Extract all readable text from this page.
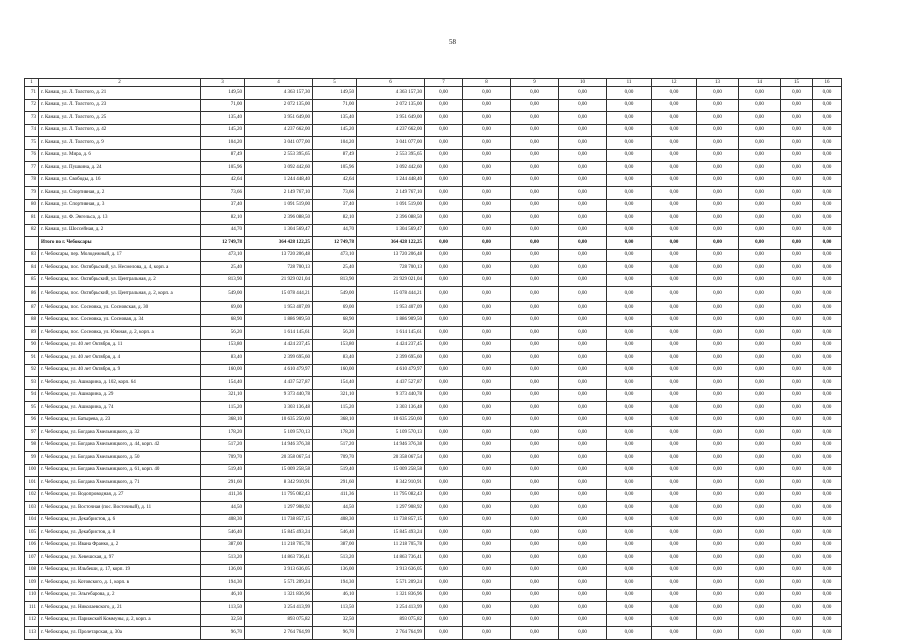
58
1	2	3	4	5	6	7	8	9	10	11	12	13	14	15	16
71	г. Канаш, ул. Л. Толстого, д. 21	149,50	4 363 157,30	149,50	4 363 157,30	0,00	0,00	0,00	0,00	0,00	0,00	0,00	0,00	0,00	0,00
72	г. Канаш, ул. Л. Толстого, д. 23	71,00	2 072 135,00	71,00	2 072 135,00	0,00	0,00	0,00	0,00	0,00	0,00	0,00	0,00	0,00	0,00
73	г. Канаш, ул. Л. Толстого, д. 25	135,40	3 951 649,00	135,40	3 951 649,00	0,00	0,00	0,00	0,00	0,00	0,00	0,00	0,00	0,00	0,00
74	г. Канаш, ул. Л. Толстого, д. 42	145,20	4 237 662,00	145,20	4 237 662,00	0,00	0,00	0,00	0,00	0,00	0,00	0,00	0,00	0,00	0,00
75	г. Канаш, ул. Л. Толстого, д. 9	104,20	3 041 077,00	104,20	3 041 077,00	0,00	0,00	0,00	0,00	0,00	0,00	0,00	0,00	0,00	0,00
76	г. Канаш, ул. Мира, д. 6	87,49	2 553 395,65	87,49	2 553 395,65	0,00	0,00	0,00	0,00	0,00	0,00	0,00	0,00	0,00	0,00
77	г. Канаш, ул. Пушкина, д. 24	105,96	3 092 442,60	105,96	3 092 442,60	0,00	0,00	0,00	0,00	0,00	0,00	0,00	0,00	0,00	0,00
78	г. Канаш, ул. Свободы, д. 16	42,64	1 244 448,40	42,64	1 244 448,40	0,00	0,00	0,00	0,00	0,00	0,00	0,00	0,00	0,00	0,00
79	г. Канаш, ул. Спортивная, д. 2	73,66	2 149 767,10	73,66	2 149 767,10	0,00	0,00	0,00	0,00	0,00	0,00	0,00	0,00	0,00	0,00
80	г. Канаш, ул. Спортивная, д. 3	37,40	1 091 519,00	37,40	1 091 519,00	0,00	0,00	0,00	0,00	0,00	0,00	0,00	0,00	0,00	0,00
81	г. Канаш, ул. Ф. Энгельса, д. 13	82,10	2 396 088,50	82,10	2 396 088,50	0,00	0,00	0,00	0,00	0,00	0,00	0,00	0,00	0,00	0,00
82	г. Канаш, ул. Шоссейная, д. 2	44,70	1 304 569,47	44,70	1 304 569,47	0,00	0,00	0,00	0,00	0,00	0,00	0,00	0,00	0,00	0,00
	Итого по г. Чебоксары	12 749,78	364 428 122,25	12 749,78	364 428 122,25	0,00	0,00	0,00	0,00	0,00	0,00	0,00	0,00	0,00	0,00
83	г. Чебоксары, пер. Молодежный, д. 17	473,10	13 720 206,48	473,10	13 720 206,48	0,00	0,00	0,00	0,00	0,00	0,00	0,00	0,00	0,00	0,00
84	г. Чебоксары, пос. Октябрьский, ул. Несмелова, д. 4, корп. а	25,40	728 700,13	25,40	728 700,13	0,00	0,00	0,00	0,00	0,00	0,00	0,00	0,00	0,00	0,00
85	г. Чебоксары, пос. Октябрьский, ул. Центральная, д. 2	813,90	21 929 021,04	813,90	21 929 021,04	0,00	0,00	0,00	0,00	0,00	0,00	0,00	0,00	0,00	0,00
86	г. Чебоксары, пос. Октябрьский, ул. Центральная, д. 2, корп. а	549,00	15 078 444,21	549,00	15 078 444,21	0,00	0,00	0,00	0,00	0,00	0,00	0,00	0,00	0,00	0,00
87	г. Чебоксары, пос. Сосновка, ул. Сосновская, д. 30	69,00	1 953 407,09	69,00	1 953 407,09	0,00	0,00	0,00	0,00	0,00	0,00	0,00	0,00	0,00	0,00
88	г. Чебоксары, пос. Сосновка, ул. Сосновая, д. 34	68,90	1 886 909,50	68,90	1 886 909,50	0,00	0,00	0,00	0,00	0,00	0,00	0,00	0,00	0,00	0,00
89	г. Чебоксары, пос. Сосновка, ул. Южная, д. 2, корп. а	56,20	1 614 145,61	56,20	1 614 145,61	0,00	0,00	0,00	0,00	0,00	0,00	0,00	0,00	0,00	0,00
90	г. Чебоксары, ул. 40 лет Октября, д. 11	153,80	4 424 237,45	153,80	4 424 237,45	0,00	0,00	0,00	0,00	0,00	0,00	0,00	0,00	0,00	0,00
91	г. Чебоксары, ул. 40 лет Октября, д. 4	83,40	2 399 695,60	83,40	2 399 695,60	0,00	0,00	0,00	0,00	0,00	0,00	0,00	0,00	0,00	0,00
92	г. Чебоксары, ул. 40 лет Октября, д. 9	160,00	4 610 479,97	160,00	4 610 479,97	0,00	0,00	0,00	0,00	0,00	0,00	0,00	0,00	0,00	0,00
93	г. Чебоксары, ул. Ашмарина, д. 102, корп. 64	154,40	4 437 527,87	154,40	4 437 527,87	0,00	0,00	0,00	0,00	0,00	0,00	0,00	0,00	0,00	0,00
94	г. Чебоксары, ул. Ашмарина, д. 29	321,10	9 373 440,78	321,10	9 373 440,78	0,00	0,00	0,00	0,00	0,00	0,00	0,00	0,00	0,00	0,00
95	г. Чебоксары, ул. Ашмарина, д. 74	115,20	3 303 136,48	115,20	3 303 136,48	0,00	0,00	0,00	0,00	0,00	0,00	0,00	0,00	0,00	0,00
96	г. Чебоксары, ул. Батырева, д. 23	368,10	10 635 250,60	368,10	10 635 250,60	0,00	0,00	0,00	0,00	0,00	0,00	0,00	0,00	0,00	0,00
97	г. Чебоксары, ул. Богдана Хмельницкого, д. 32	178,20	5 109 570,13	178,20	5 109 570,13	0,00	0,00	0,00	0,00	0,00	0,00	0,00	0,00	0,00	0,00
98	г. Чебоксары, ул. Богдана Хмельницкого, д. 44, корп. 42	517,20	14 946 376,38	517,20	14 946 376,38	0,00	0,00	0,00	0,00	0,00	0,00	0,00	0,00	0,00	0,00
99	г. Чебоксары, ул. Богдана Хмельницкого, д. 50	709,70	20 358 067,54	709,70	20 358 067,54	0,00	0,00	0,00	0,00	0,00	0,00	0,00	0,00	0,00	0,00
100	г. Чебоксары, ул. Богдана Хмельницкого, д. 61, корп. 40	519,40	15 009 258,58	519,40	15 009 258,58	0,00	0,00	0,00	0,00	0,00	0,00	0,00	0,00	0,00	0,00
101	г. Чебоксары, ул. Богдана Хмельницкого, д. 71	291,60	8 342 910,91	291,60	8 342 910,91	0,00	0,00	0,00	0,00	0,00	0,00	0,00	0,00	0,00	0,00
102	г. Чебоксары, ул. Водопроводная, д. 27	411,36	11 795 082,43	411,36	11 795 082,43	0,00	0,00	0,00	0,00	0,00	0,00	0,00	0,00	0,00	0,00
103	г. Чебоксары, ул. Восточная (пос. Восточный), д. 11	44,50	1 297 908,92	44,50	1 297 908,92	0,00	0,00	0,00	0,00	0,00	0,00	0,00	0,00	0,00	0,00
104	г. Чебоксары, ул. Декабристов, д. 6	408,30	11 738 857,15	408,30	11 738 857,15	0,00	0,00	0,00	0,00	0,00	0,00	0,00	0,00	0,00	0,00
105	г. Чебоксары, ул. Декабристов, д. 8	546,40	15 845 493,24	546,40	15 845 493,24	0,00	0,00	0,00	0,00	0,00	0,00	0,00	0,00	0,00	0,00
106	г. Чебоксары, ул. Ивана Франко, д. 2	387,00	11 218 705,78	387,00	11 218 705,78	0,00	0,00	0,00	0,00	0,00	0,00	0,00	0,00	0,00	0,00
107	г. Чебоксары, ул. Хевешская, д. 97	513,20	14 863 736,41	513,20	14 863 736,41	0,00	0,00	0,00	0,00	0,00	0,00	0,00	0,00	0,00	0,00
108	г. Чебоксары, ул. Ильбеши, д. 17, корп. 19	136,00	3 913 636,05	136,00	3 913 636,05	0,00	0,00	0,00	0,00	0,00	0,00	0,00	0,00	0,00	0,00
109	г. Чебоксары, ул. Котовского, д. 1, корп. в	194,30	5 571 209,24	194,30	5 571 209,24	0,00	0,00	0,00	0,00	0,00	0,00	0,00	0,00	0,00	0,00
110	г. Чебоксары, ул. Эльгебарова, д. 2	46,10	1 321 836,96	46,10	1 321 836,96	0,00	0,00	0,00	0,00	0,00	0,00	0,00	0,00	0,00	0,00
111	г. Чебоксары, ул. Николаевского, д. 21	113,50	3 254 413,99	113,50	3 254 413,99	0,00	0,00	0,00	0,00	0,00	0,00	0,00	0,00	0,00	0,00
112	г. Чебоксары, ул. Парижской Коммуны, д. 2, корп. а	32,50	893 075,82	32,50	893 075,82	0,00	0,00	0,00	0,00	0,00	0,00	0,00	0,00	0,00	0,00
113	г. Чебоксары, ул. Пролетарская, д. 30а	96,70	2 764 764,99	96,70	2 764 764,99	0,00	0,00	0,00	0,00	0,00	0,00	0,00	0,00	0,00	0,00
